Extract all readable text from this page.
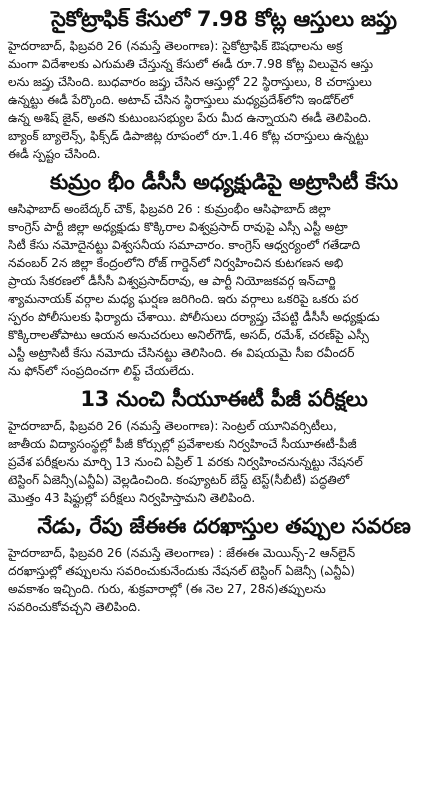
సైకోట్రాఫిక్ కేసులో 7.98 కోట్ల ఆస్తులు జప్తు

హైదరాబాద్, ఫిబ్రవరి 26 (నమస్తే తెలంగాణ): సైకోట్రాఫిక్ ఔషధాలను అక్ర
మంగా విదేశాలకు ఎగుమతి చేస్తున్న కేసులో ఈడీ రూ.7.98 కోట్ల విలువైన ఆస్తు
లను జప్తు చేసింది. బుధవారం జప్తు చేసిన ఆస్తుల్లో 22 స్థిరాస్తులు, 8 చరాస్తులు
ఉన్నట్టు ఈడీ పేర్కొంది. అటాచ్ చేసిన స్థిరాస్తులు మధ్యప్రదేశ్‌లోని ఇండోర్‌లో
ఉన్న అశిష్ జైన్, అతని కుటుంబసభ్యుల పేరు మీద ఉన్నాయని ఈడీ తెలిపింది.
బ్యాంక్ బ్యాలెన్స్, ఫిక్స్‌డ్ డిపాజిట్ల రూపంలో రూ.1.46 కోట్ల చరాస్తులు ఉన్నట్టు
ఈడీ స్పష్టం చేసింది.

కుమ్రం భీం డీసీసీ అధ్యక్షుడిపై అట్రాసిటీ కేసు

ఆసిఫాబాద్ అంబేద్కర్ చౌక్, ఫిబ్రవరి 26 : కుమ్రంభీం ఆసిఫాబాద్ జిల్లా
కాంగ్రెస్ పార్టీ జిల్లా అధ్యక్షుడు కొక్కిరాల విశ్వప్రసాద్ రావుపై ఎస్సీ ఎస్టీ అట్రా
సిటీ కేసు నమోదైనట్టు విశ్వసనీయ సమాచారం. కాంగ్రెస్ ఆధ్వర్యంలో గతేడాది
నవంబర్ 2న జిల్లా కేంద్రంలోని రోజ్ గార్డెన్‌లో నిర్వహించిన కుటగణన అభి
ప్రాయ సేకరణలో డీసీసీ విశ్వప్రసాద్‌రావు, ఆ పార్టీ నియోజకవర్గ ఇన్‌చార్జి
శ్యామనాయక్ వర్గాల మధ్య ఘర్షణ జరిగింది. ఇరు వర్గాలు ఒకరిపై ఒకరు పర
స్పరం పోలీసులకు ఫిర్యాదు చేశాయి. పోలీసులు దర్యాప్తు చేపట్టి డీసీసీ అధ్యక్షుడు
కొక్కిరాలతోపాటు ఆయన అనుచరులు అనిల్‌గౌడ్, అసద్, రమేశ్, చరణ్‌పై ఎస్సీ
ఎస్టీ అట్రాసిటీ కేసు నమోదు చేసినట్టు తెలిసింది. ఈ విషయమై సీఐ రవీందర్
ను ఫోన్‌లో సంప్రదించగా లిఫ్ట్ చేయలేదు.

13 నుంచి సీయూఈటీ పీజీ పరీక్షలు

హైదరాబాద్, ఫిబ్రవరి 26 (నమస్తే తెలంగాణ): సెంట్రల్ యూనివర్సిటీలు,
జాతీయ విద్యాసంస్థల్లో పీజీ కోర్సుల్లో ప్రవేశాలకు నిర్వహించే సీయూఈటీ-పీజీ
ప్రవేశ పరీక్షలను మార్చి 13 నుంచి ఏప్రిల్ 1 వరకు నిర్వహించనున్నట్టు నేషనల్
టెస్టింగ్ ఏజెన్సీ(ఎన్టీఏ) వెల్లడించింది. కంప్యూటర్ బేస్డ్ టెస్ట్(సీబీటీ) పద్ధతిలో
మొత్తం 43 షిఫ్టుల్లో పరీక్షలు నిర్వహిస్తామని తెలిపింది.

నేడు, రేపు జేఈఈ దరఖాస్తుల తప్పుల సవరణ

హైదరాబాద్, ఫిబ్రవరి 26 (నమస్తే తెలంగాణ) : జేఈఈ మెయిన్స్-2 ఆన్‌లైన్
దరఖాస్తుల్లో తప్పులను సవరించుకునేందుకు నేషనల్ టెస్టింగ్ ఏజెన్సీ (ఎన్టీఏ)
అవకాశం ఇచ్చింది. గురు, శుక్రవారాల్లో (ఈ నెల 27, 28న)తప్పులను
సవరించుకోవచ్చని తెలిపింది.
